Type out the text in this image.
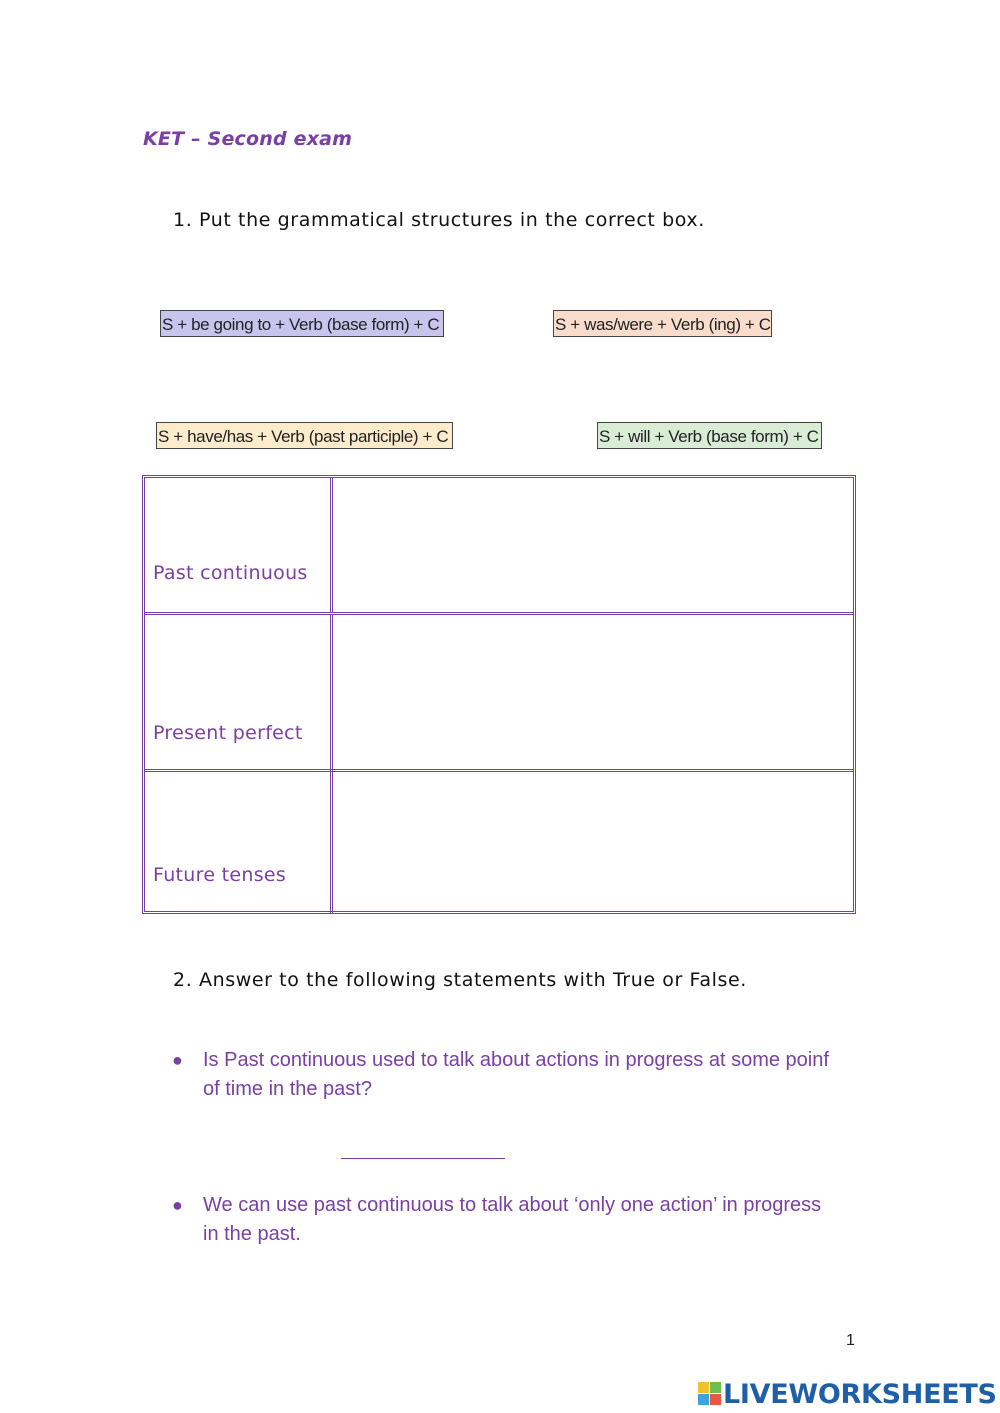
KET – Second exam
1. Put the grammatical structures in the correct box.
S + be going to + Verb (base form) + C	S + was/were + Verb (ing) + C
S + have/has + Verb (past participle) + C	S + will + Verb (base form) + C
Past continuous
Present perfect
Future tenses
2. Answer to the following statements with True or False.
● Is Past continuous used to talk about actions in progress at some poinf of time in the past?
● We can use past continuous to talk about ‘only one action’ in progress in the past.
1
LIVEWORKSHEETS
